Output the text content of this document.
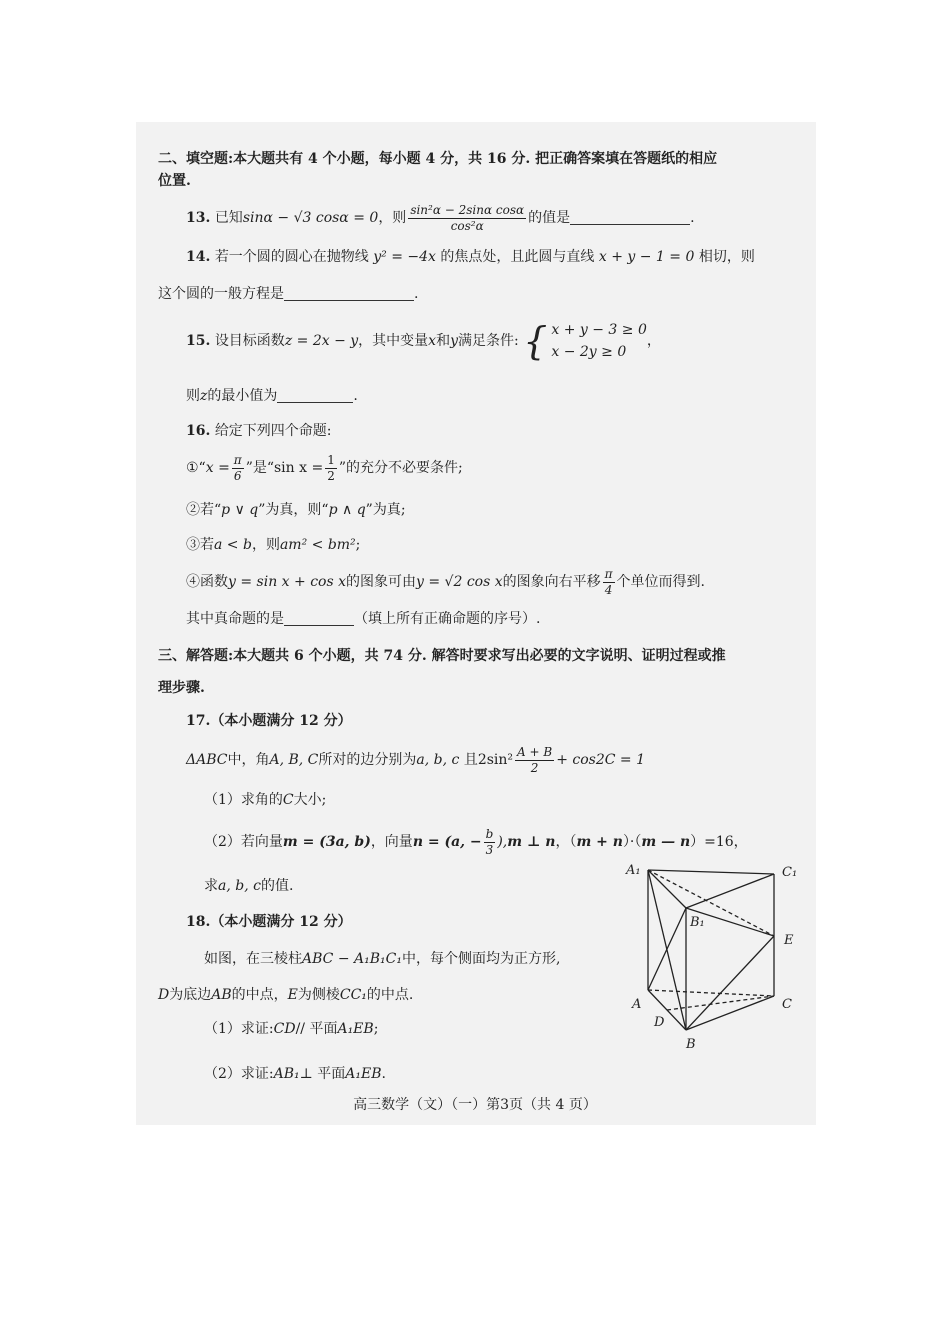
二、填空题:本大题共有 4 个小题，每小题 4 分，共 16 分. 把正确答案填在答题纸的相应
位置.
13. 已知sinα − √3 cosα = 0，则 $\frac{\text{sin²α − 2sinα cosα}}{\text{cos²α}}$ 的值是	.
14. 若一个圆的圆心在抛物线 y² = −4x 的焦点处，且此圆与直线 x + y − 1 = 0 相切，则
这个圆的一般方程是	.
15. 设目标函数z = 2x − y，其中变量x和y满足条件: { x + y − 3 ≥ 0
x − 2y ≥ 0
，
则z的最小值为	.
16. 给定下列四个命题:
①“x = $\frac{\pi}{6}$ ”是“sin $x = \frac{1}{2}$ ”的充分不必要条件;
②若“p ∨ q”为真，则“p ∧ q”为真;
③若a < b，则am² < bm²;
④函数y = sin x + cos x的图象可由y = √2 cos x的图象向右平移 $\frac{\pi}{4}$ 个单位而得到.
其中真命题的是	（填上所有正确命题的序号）.
三、解答题:本大题共 6 个小题，共 74 分. 解答时要求写出必要的文字说明、证明过程或推
理步骤.
17.（本小题满分 12 分）
ΔABC中，角A, B, C所对的边分别为a, b, c 且$2\sin^2 \frac{A + B}{2} + \cos 2C = 1$
（1）求角的C大小;
（2）若向量m = (3a, b)，向量n = (a, − $\frac{b}{3} ),m$ ⊥ n，（m + n）·（m — n）=16，
求a, b, c的值.
18.（本小题满分 12 分）
如图，在三棱柱ABC − A₁B₁C₁中，每个侧面均为正方形,
D为底边AB的中点，E为侧棱CC₁的中点.
（1）求证:CD// 平面A₁EB;
（2）求证:AB₁⊥ 平面A₁EB.
A₁	C₁
B₁
E
A	C
D
B
高三数学（文）（一）第3页（共 4 页）
